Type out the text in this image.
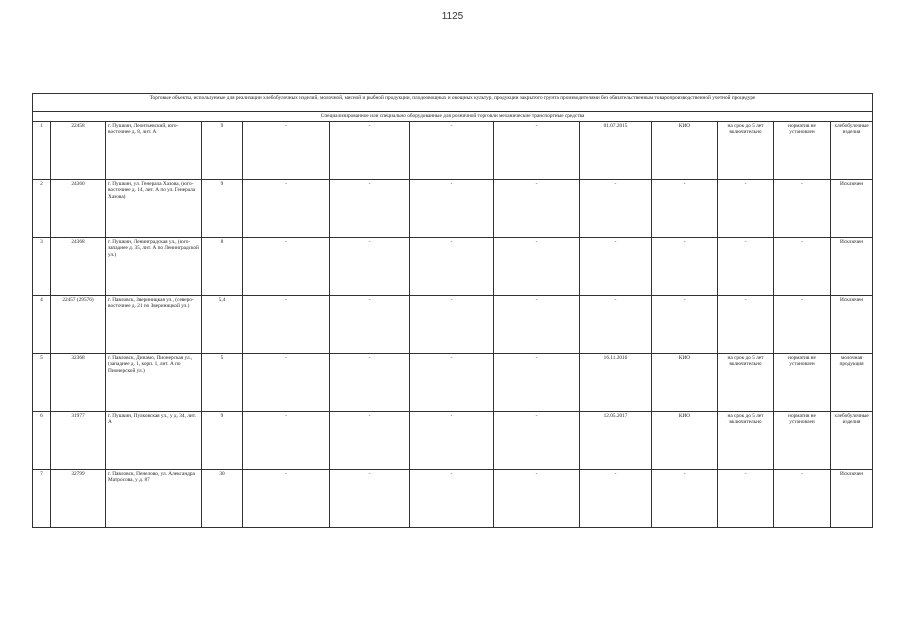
1125
Торговые объекты, используемые для реализации хлебобулочных изделий, молочной, мясной и рыбной продукции, плодоовощных и овощных культур, продукции закрытого грунта производителями без обязательственным товаропроизводственной учетной процедуре												
Специализированное или специально оборудованные для розничной торговли механические транспортные средства												
1	22458	г. Пушкин, Леонтьевский, юго-восточнее д. 8, лит. А	9	-	-	-	-	01.07.2015	КИО	на срок до 5 лет включительно	норматив не установлен	хлебобулочные изделия
2	24360	г. Пушкин, ул. Генерала Хазова, (юго-восточнее д. 14, лит. А по ул. Генерала Хазова)	9	-	-	-	-	-	-	-	-	Исключен
3	24368	г. Пушкин, Ленинградская ул., (юго-западнее д. 35, лит. А по Ленинградской ул.)	8	-	-	-	-	-	-	-	-	Исключен
4	22457 (29576)	г. Павловск, Звериницкая ул., (северо-восточнее д. 21 по Звериницкой ул.)	5,4	-	-	-	-	-	-	-	-	Исключен
5	32368	г. Павловск, Динамо, Пионерская ул., (западнее д. 1, корп. 1, лит. А по Пионерской ул.)	5	-	-	-	-	16.11.2016	КИО	на срок до 5 лет включительно	норматив не установлен	молочная продукция
6	31977	г. Пушкин, Пулковская ул., у д. 34, лит. А	9	-	-	-	-	12.05.2017	КИО	на срок до 5 лет включительно	норматив не установлен	хлебобулочные изделия
7	32799	г. Павловск, Пенелово, ул. Александра Матросова, у д. 87	30	-	-	-	-	-	-	-	-	Исключен
